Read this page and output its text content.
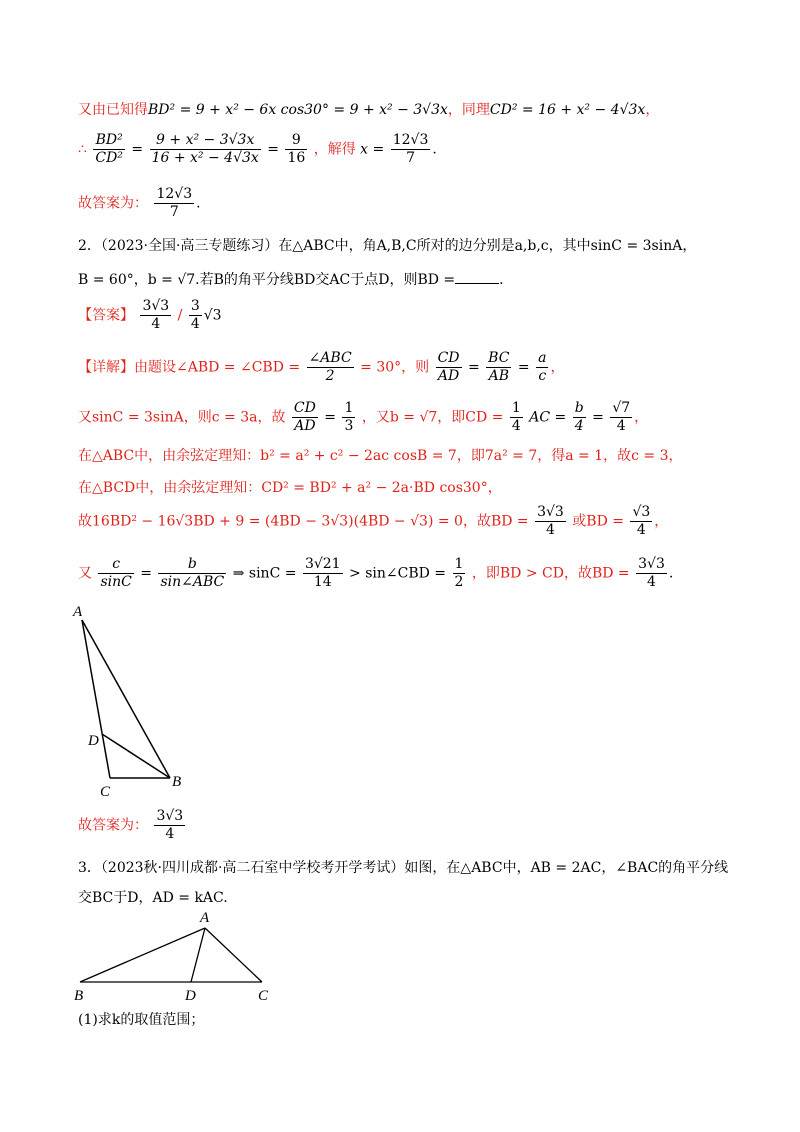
又由已知得BD² = 9 + x² − 6x cos30° = 9 + x² − 3√3x，同理CD² = 16 + x² − 4√3x，
∴ $\frac{\text{BD²}}{\text{CD²}} = \frac{\text{9 + x² − 3√3x}}{\text{16 + x² − 4√3x}} = \frac{9}{16}$ ，解得 $x = \frac{12√3}{7}$ .
故答案为： $\frac{12√3}{7}$ .
2．（2023·全国·高三专题练习）在△ABC中，角A,B,C所对的边分别是a,b,c，其中sinC = 3sinA，
B = 60°，b = √7.若B的角平分线BD交AC于点D，则BD =	.
【答案】 $\frac{3√3}{4} / \frac{3}{4} √3$
【详解】由题设∠ABD = ∠CBD = $\frac{\text{∠ABC}}{2} = 30^\circ$，则 $\frac{CD}{AD} = \frac{BC}{AB} = \frac{a}{c}$ ，
又sinC = 3sinA，则c = 3a，故 $\frac{CD}{AD} = \frac{1}{3}$ ，又b = √7，即CD = $\frac{1}{4}$ AC = $\frac{b}{4} = \frac{√7}{4}$ ，
在△ABC中，由余弦定理知：b² = a² + c² − 2ac cosB = 7，即7a² = 7，得a = 1，故c = 3，
在△BCD中，由余弦定理知：CD² = BD² + a² − 2a·BD cos30°，
故16BD² − 16√3BD + 9 = (4BD − 3√3)(4BD − √3) = 0，故BD = $\frac{3√3}{4}$ 或BD = $\frac{√3}{4}$ ，
又 $\frac{c}{\sin C} = \frac{b}{\text{sin∠ABC}}$ ⇒ $\sin C = \frac{3√21}{14}$ > sin∠CBD = $\frac{1}{2}$ ，即BD > CD，故BD = $\frac{3√3}{4}$ .
A
B
C
D
故答案为： $\frac{3√3}{4}$
3．（2023秋·四川成都·高二石室中学校考开学考试）如图，在△ABC中，AB = 2AC，∠BAC的角平分线
交BC于D，AD = kAC.
A
B	C
D
(1)求k的取值范围；
